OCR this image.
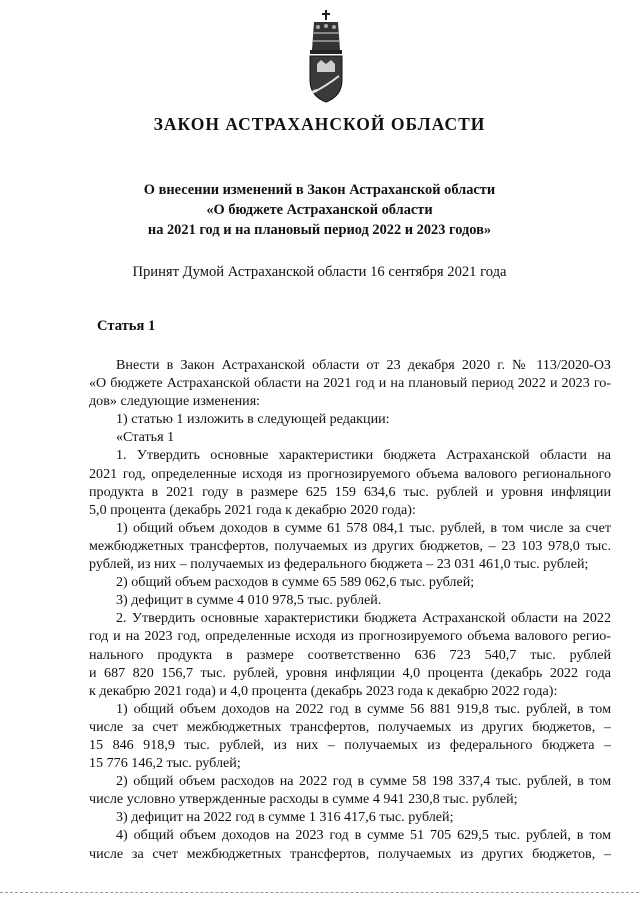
ЗАКОН АСТРАХАНСКОЙ ОБЛАСТИ
О внесении изменений в Закон Астраханской области
«О бюджете Астраханской области
на 2021 год и на плановый период 2022 и 2023 годов»
Принят Думой Астраханской области 16 сентября 2021 года
Статья 1
Внести в Закон Астраханской области от 23 декабря 2020 г. № 113/2020-ОЗ
«О бюджете Астраханской области на 2021 год и на плановый период 2022 и 2023 го-
дов» следующие изменения:
1) статью 1 изложить в следующей редакции:
«Статья 1
1. Утвердить основные характеристики бюджета Астраханской области на
2021 год, определенные исходя из прогнозируемого объема валового регионального
продукта в 2021 году в размере 625 159 634,6 тыс. рублей и уровня инфляции
5,0 процента (декабрь 2021 года к декабрю 2020 года):
1) общий объем доходов в сумме 61 578 084,1 тыс. рублей, в том числе за счет
межбюджетных трансфертов, получаемых из других бюджетов, – 23 103 978,0 тыс.
рублей, из них – получаемых из федерального бюджета – 23 031 461,0 тыс. рублей;
2) общий объем расходов в сумме 65 589 062,6 тыс. рублей;
3) дефицит в сумме 4 010 978,5 тыс. рублей.
2. Утвердить основные характеристики бюджета Астраханской области на 2022
год и на 2023 год, определенные исходя из прогнозируемого объема валового регио-
нального продукта в размере соответственно 636 723 540,7 тыс. рублей
и 687 820 156,7 тыс. рублей, уровня инфляции 4,0 процента (декабрь 2022 года
к декабрю 2021 года) и 4,0 процента (декабрь 2023 года к декабрю 2022 года):
1) общий объем доходов на 2022 год в сумме 56 881 919,8 тыс. рублей, в том
числе за счет межбюджетных трансфертов, получаемых из других бюджетов, –
15 846 918,9 тыс. рублей, из них – получаемых из федерального бюджета –
15 776 146,2 тыс. рублей;
2) общий объем расходов на 2022 год в сумме 58 198 337,4 тыс. рублей, в том
числе условно утвержденные расходы в сумме 4 941 230,8 тыс. рублей;
3) дефицит на 2022 год в сумме 1 316 417,6 тыс. рублей;
4) общий объем доходов на 2023 год в сумме 51 705 629,5 тыс. рублей, в том
числе за счет межбюджетных трансфертов, получаемых из других бюджетов, –
